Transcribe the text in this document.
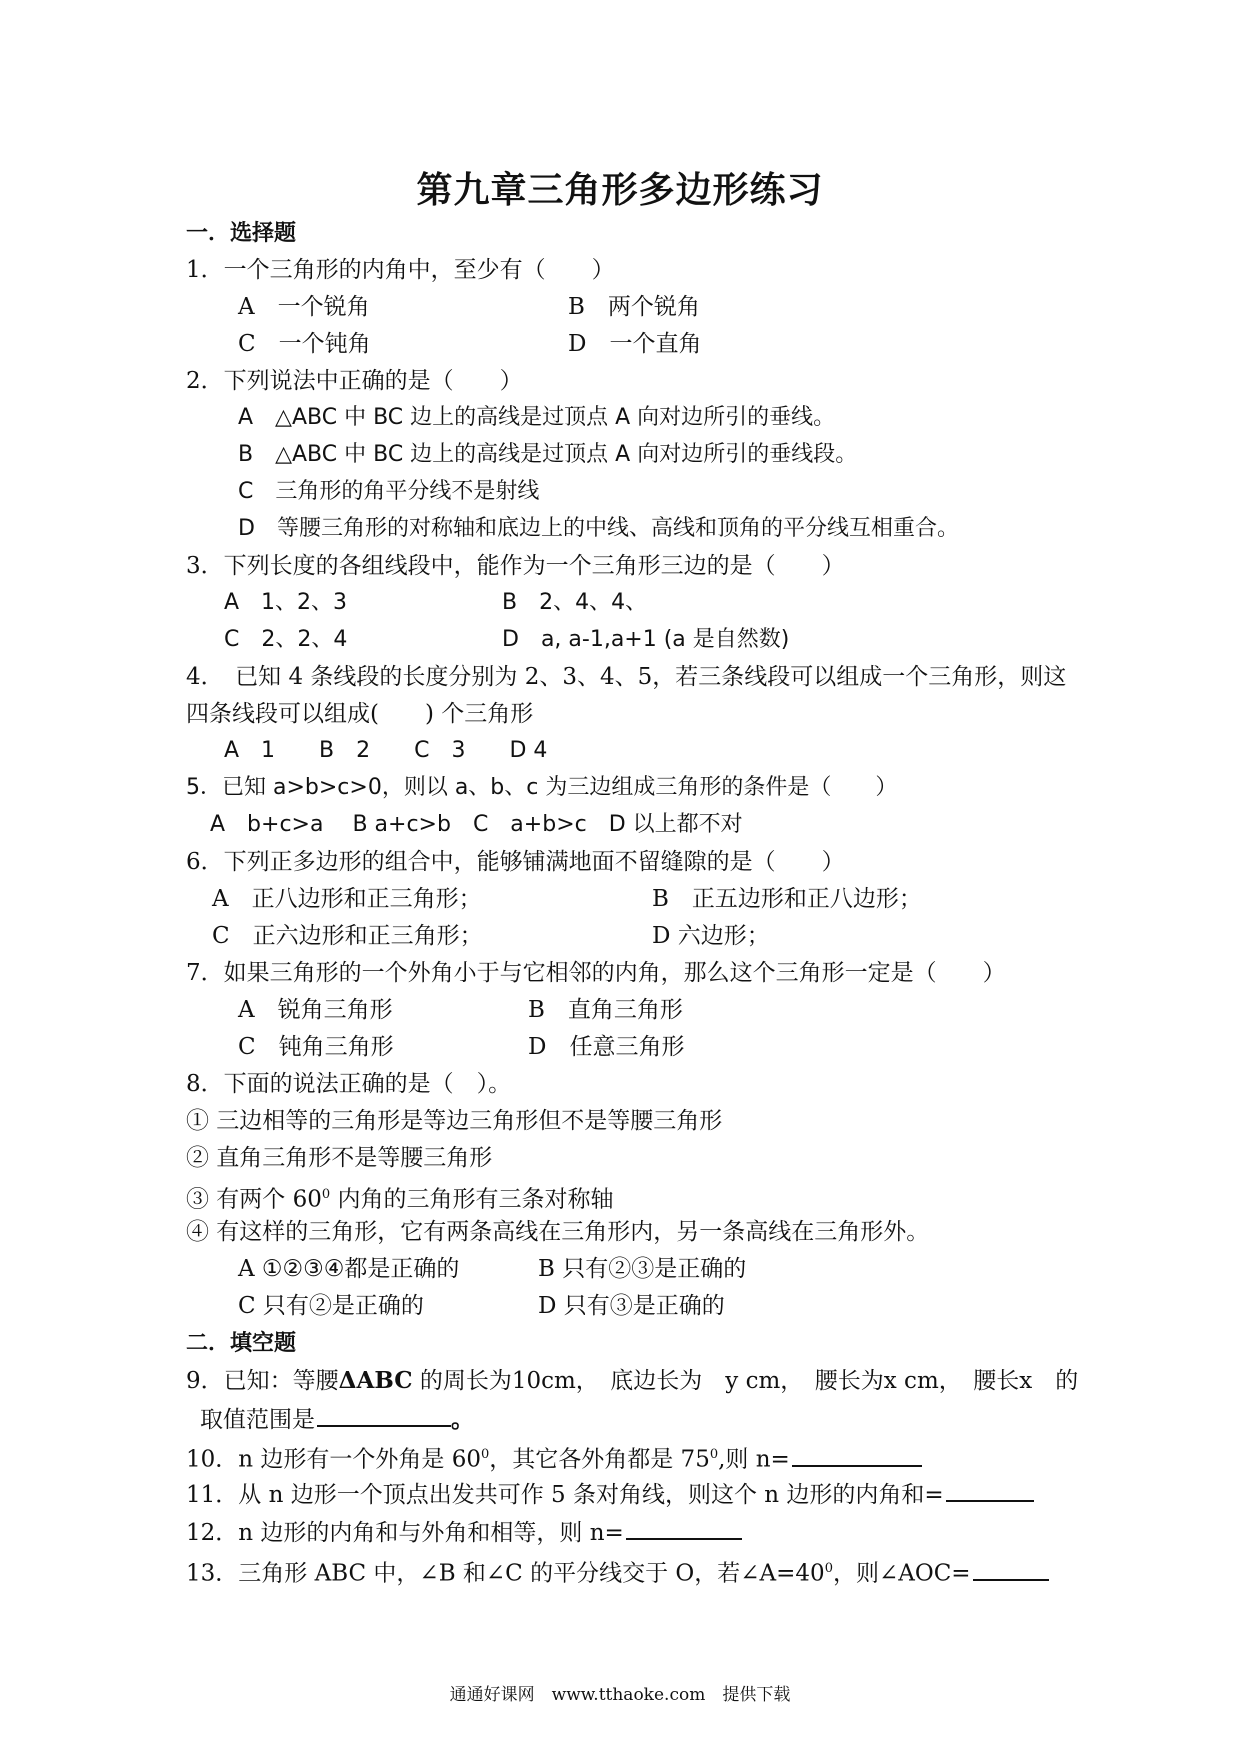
第九章三角形多边形练习
一．选择题
1．一个三角形的内角中，至少有（　　）
A　一个锐角	B　两个锐角
C　一个钝角	D　一个直角
2．下列说法中正确的是（　　）
A　△ABC 中 BC 边上的高线是过顶点 A 向对边所引的垂线。
B　△ABC 中 BC 边上的高线是过顶点 A 向对边所引的垂线段。
C　三角形的角平分线不是射线
D　等腰三角形的对称轴和底边上的中线、高线和顶角的平分线互相重合。
3．下列长度的各组线段中，能作为一个三角形三边的是（　　）
A　1、2、3	B　2、4、4、
C　2、2、4	D　a, a-1,a+1 (a 是自然数)
4．　已知 4 条线段的长度分别为 2、3、4、5，若三条线段可以组成一个三角形，则这
四条线段可以组成(　　) 个三角形
A　1　　B　2　　C　3　　D 4
5．已知 a>b>c>0，则以 a、b、c 为三边组成三角形的条件是（　　）
A　b+c>a　 B a+c>b　C　a+b>c　D 以上都不对
6．下列正多边形的组合中，能够铺满地面不留缝隙的是（　　）
A　正八边形和正三角形；	B　正五边形和正八边形；
C　正六边形和正三角形；	D 六边形；
7．如果三角形的一个外角小于与它相邻的内角，那么这个三角形一定是（　　）
A　锐角三角形	B　直角三角形
C　钝角三角形	D　任意三角形
8．下面的说法正确的是（　）。
① 三边相等的三角形是等边三角形但不是等腰三角形
② 直角三角形不是等腰三角形
③ 有两个 $60^0$ 内角的三角形有三条对称轴
④ 有这样的三角形，它有两条高线在三角形内，另一条高线在三角形外。
A ①②③④都是正确的	B 只有②③是正确的
C 只有②是正确的	D 只有③是正确的
二．填空题
9．已知：等腰ΔABC 的周长为10cm，　底边长为　y cm，　腰长为x cm，　腰长x　的
取值范围是	。
10．n 边形有一个外角是 $60^0$，其它各外角都是 $75^0$,则 n=
11．从 n 边形一个顶点出发共可作 5 条对角线，则这个 n 边形的内角和=
12．n 边形的内角和与外角和相等，则 n=
13．三角形 ABC 中，∠B 和∠C 的平分线交于 O，若$\angle A=40^0$，则∠AOC=
通通好课网　www.tthaoke.com　提供下载
